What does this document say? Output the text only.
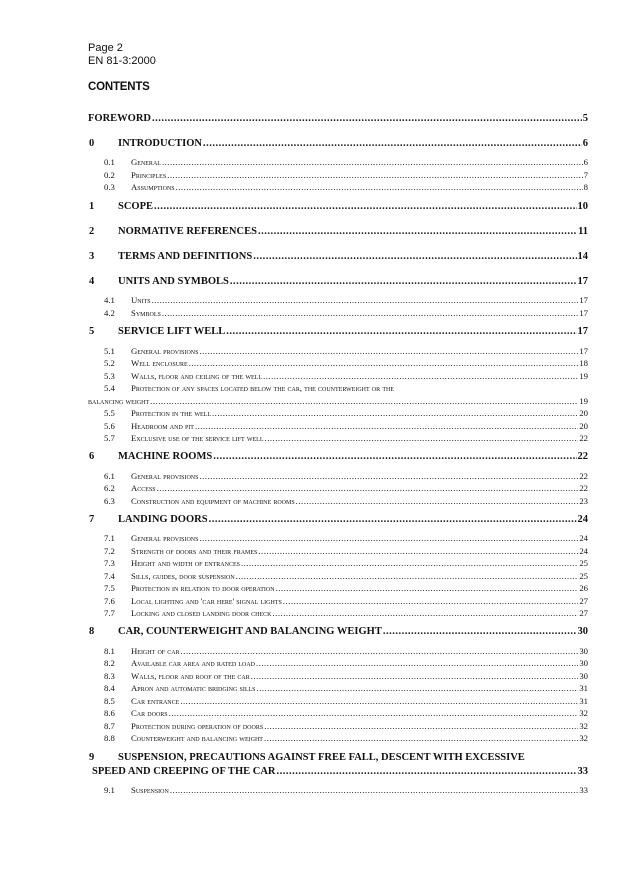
Page 2
EN 81-3:2000
CONTENTS
FOREWORD .....	5
0	INTRODUCTION .....	6
0.1	General .....	6
0.2	Principles .....	7
0.3	Assumptions .....	8
1	SCOPE .....	10
2	NORMATIVE REFERENCES .....	11
3	TERMS AND DEFINITIONS .....	14
4	UNITS AND SYMBOLS .....	17
4.1	Units .....	17
4.2	Symbols .....	17
5	SERVICE LIFT WELL .....	17
5.1	General provisions .....	17
5.2	Well enclosure .....	18
5.3	Walls, floor and ceiling of the well .....	19
5.4	Protection of any spaces located below the car, the counterweight or the
balancing weight .....	19
5.5	Protection in the well .....	20
5.6	Headroom and pit .....	20
5.7	Exclusive use of the service lift well .....	22
6	MACHINE ROOMS .....	22
6.1	General provisions .....	22
6.2	Access .....	22
6.3	Construction and equipment of machine rooms .....	23
7	LANDING DOORS .....	24
7.1	General provisions .....	24
7.2	Strength of doors and their frames .....	24
7.3	Height and width of entrances .....	25
7.4	Sills, guides, door suspension .....	25
7.5	Protection in relation to door operation .....	26
7.6	Local lighting and 'car here' signal lights .....	27
7.7	Locking and closed landing door check .....	27
8	CAR, COUNTERWEIGHT AND BALANCING WEIGHT .....	30
8.1	Height of car .....	30
8.2	Available car area and rated load .....	30
8.3	Walls, floor and roof of the car .....	30
8.4	Apron and automatic bridging sills .....	31
8.5	Car entrance .....	31
8.6	Car doors .....	32
8.7	Protection during operation of doors .....	32
8.8	Counterweight and balancing weight .....	32
9	SUSPENSION, PRECAUTIONS AGAINST FREE FALL, DESCENT WITH EXCESSIVE
SPEED AND CREEPING OF THE CAR .....	33
9.1	Suspension .....	33
